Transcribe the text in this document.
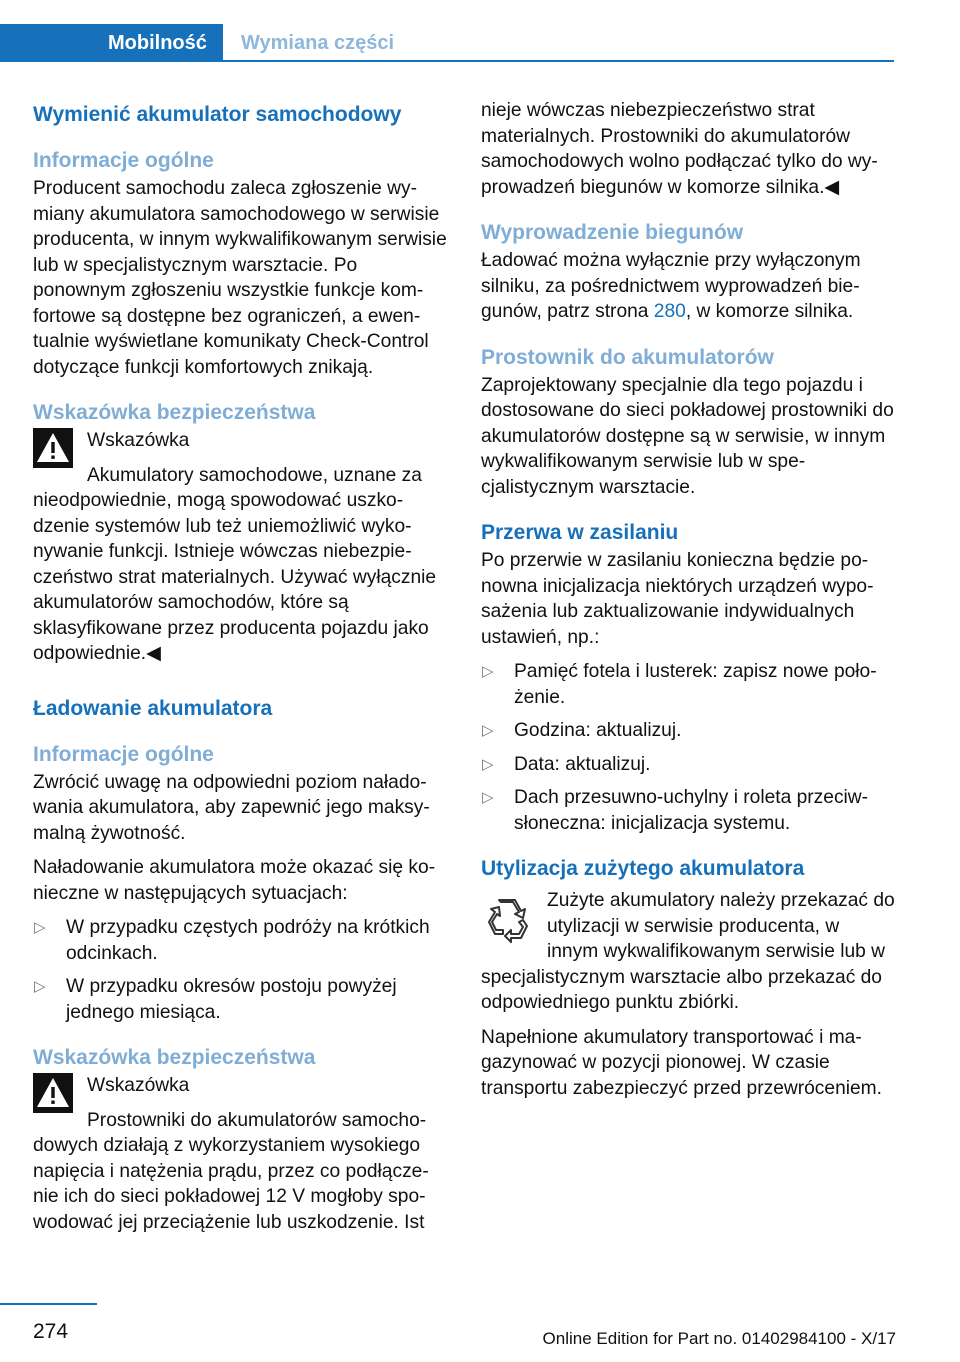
Mobilność	Wymiana części
Wymienić akumulator samochodowy
Informacje ogólne

Producent samochodu zaleca zgłoszenie wymiany akumulatora samochodowego w serwisie producenta, w innym wykwalifikowanym serwisie lub w specjalistycznym warsztacie. Po ponownym zgłoszeniu wszystkie funkcje komfortowe są dostępne bez ograniczeń, a ewentualnie wyświetlane komunikaty Check-Control dotyczące funkcji komfortowych znikają.

Wskazówka bezpieczeństwa
Wskazówka

Akumulatory samochodowe, uznane za nieodpowiednie, mogą spowodować uszkodzenie systemów lub też uniemożliwić wykonywanie funkcji. Istnieje wówczas niebezpieczeństwo strat materialnych. Używać wyłącznie akumulatorów samochodów, które są sklasyfikowane przez producenta pojazdu jako odpowiednie.◀

Ładowanie akumulatora
Informacje ogólne

Zwrócić uwagę na odpowiedni poziom naładowania akumulatora, aby zapewnić jego maksymalną żywotność.

Naładowanie akumulatora może okazać się konieczne w następujących sytuacjach:

▷ W przypadku częstych podróży na krótkich odcinkach.
▷ W przypadku okresów postoju powyżej jednego miesiąca.
Wskazówka bezpieczeństwa
Wskazówka

Prostowniki do akumulatorów samochodowych działają z wykorzystaniem wysokiego napięcia i natężenia prądu, przez co podłączenie ich do sieci pokładowej 12 V mogłoby spowodować jej przeciążenie lub uszkodzenie. Ist

nieje wówczas niebezpieczeństwo strat materialnych. Prostowniki do akumulatorów samochodowych wolno podłączać tylko do wyprowadzeń biegunów w komorze silnika.◀

Wyprowadzenie biegunów

Ładować można wyłącznie przy wyłączonym silniku, za pośrednictwem wyprowadzeń biegunów, patrz strona 280, w komorze silnika.

Prostownik do akumulatorów

Zaprojektowany specjalnie dla tego pojazdu i dostosowane do sieci pokładowej prostowniki do akumulatorów dostępne są w serwisie, w innym wykwalifikowanym serwisie lub w specjalistycznym warsztacie.

Przerwa w zasilaniu

Po przerwie w zasilaniu konieczna będzie ponowna inicjalizacja niektórych urządzeń wyposażenia lub zaktualizowanie indywidualnych ustawień, np.:

▷ Pamięć fotela i lusterek: zapisz nowe położenie.
▷ Godzina: aktualizuj.
▷ Data: aktualizuj.
▷ Dach przesuwno-uchylny i roleta przeciwsłoneczna: inicjalizacja systemu.
Utylizacja zużytego akumulatora

Zużyte akumulatory należy przekazać do utylizacji w serwisie producenta, w innym wykwalifikowanym serwisie lub w specjalistycznym warsztacie albo przekazać do odpowiedniego punktu zbiórki.

Napełnione akumulatory transportować i magazynować w pozycji pionowej. W czasie transportu zabezpieczyć przed przewróceniem.

274	Online Edition for Part no. 01402984100 - X/17
